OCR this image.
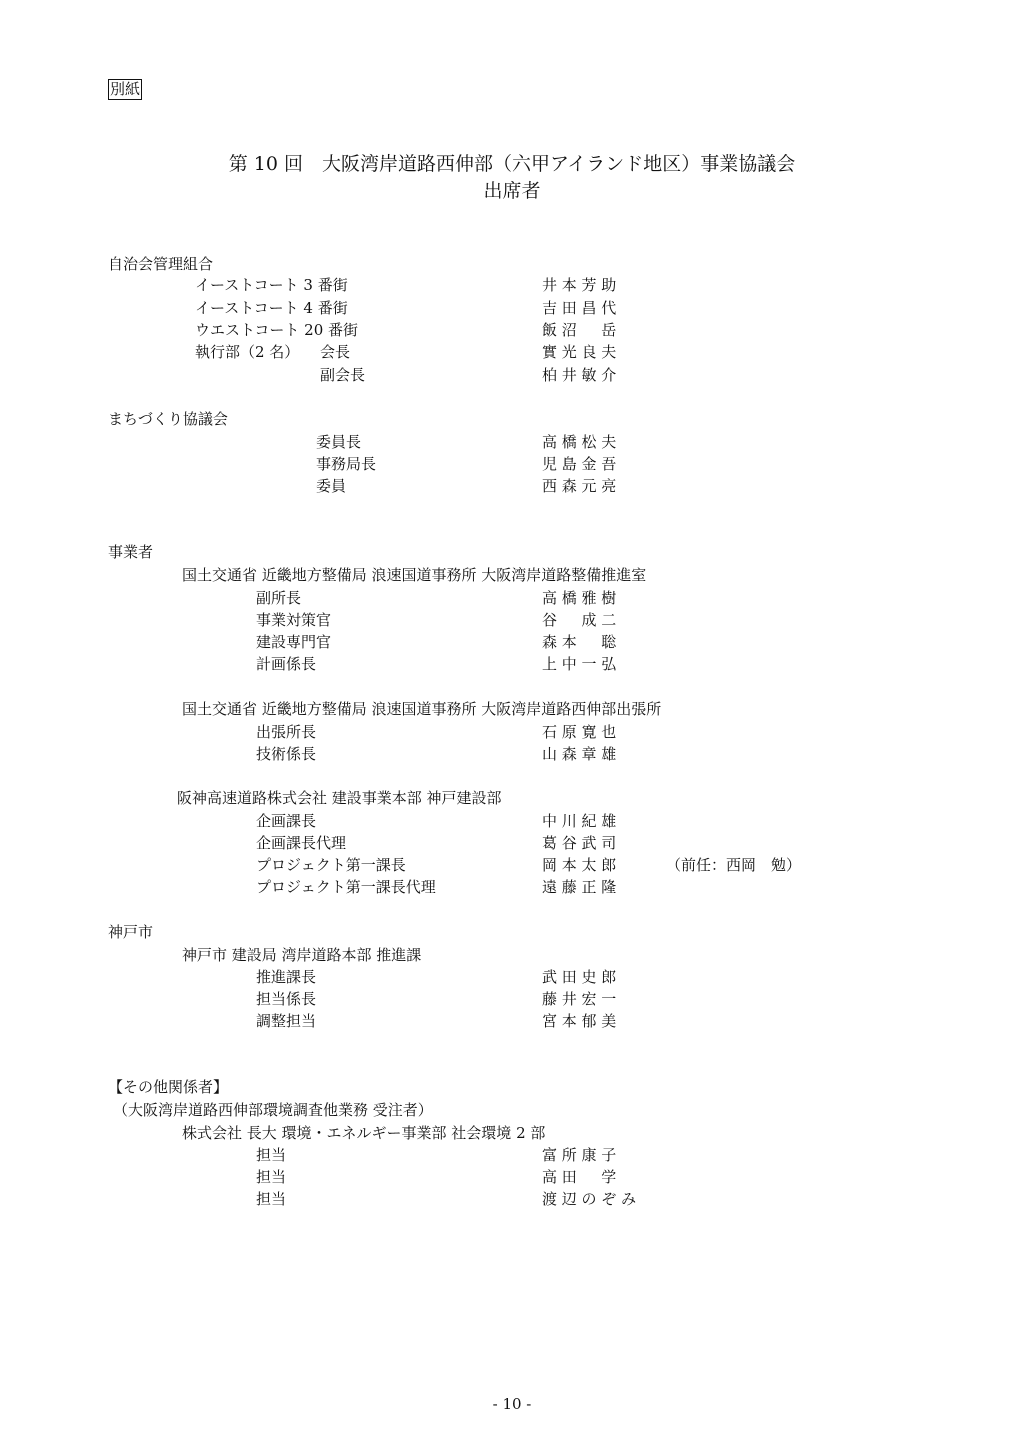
別紙
第 10 回　大阪湾岸道路西伸部（六甲アイランド地区）事業協議会
出席者
自治会管理組合
イーストコート 3 番街	井 本 芳 助
イーストコート 4 番街	吉 田 昌 代
ウエストコート 20 番街	飯 沼 　 岳
執行部（2 名） 会長	實 光 良 夫
副会長	柏 井 敏 介
まちづくり協議会
委員長	高 橋 松 夫
事務局長	児 島 金 吾
委員	西 森 元 亮
事業者
国土交通省 近畿地方整備局 浪速国道事務所 大阪湾岸道路整備推進室
副所長	高 橋 雅 樹
事業対策官	谷 　 成 二
建設専門官	森 本 　 聡
計画係長	上 中 一 弘
国土交通省 近畿地方整備局 浪速国道事務所 大阪湾岸道路西伸部出張所
出張所長	石 原 寛 也
技術係長	山 森 章 雄
阪神高速道路株式会社 建設事業本部 神戸建設部
企画課長	中 川 紀 雄
企画課長代理	葛 谷 武 司
プロジェクト第一課長	岡 本 太 郎	（前任：西岡　勉）
プロジェクト第一課長代理	遠 藤 正 隆
神戸市
神戸市 建設局 湾岸道路本部 推進課
推進課長	武 田 史 郎
担当係長	藤 井 宏 一
調整担当	宮 本 郁 美
【その他関係者】
（大阪湾岸道路西伸部環境調査他業務 受注者）
株式会社 長大 環境・エネルギー事業部 社会環境 2 部
担当	富 所 康 子
担当	高 田 　 学
担当	渡 辺 の ぞ み
- 10 -
